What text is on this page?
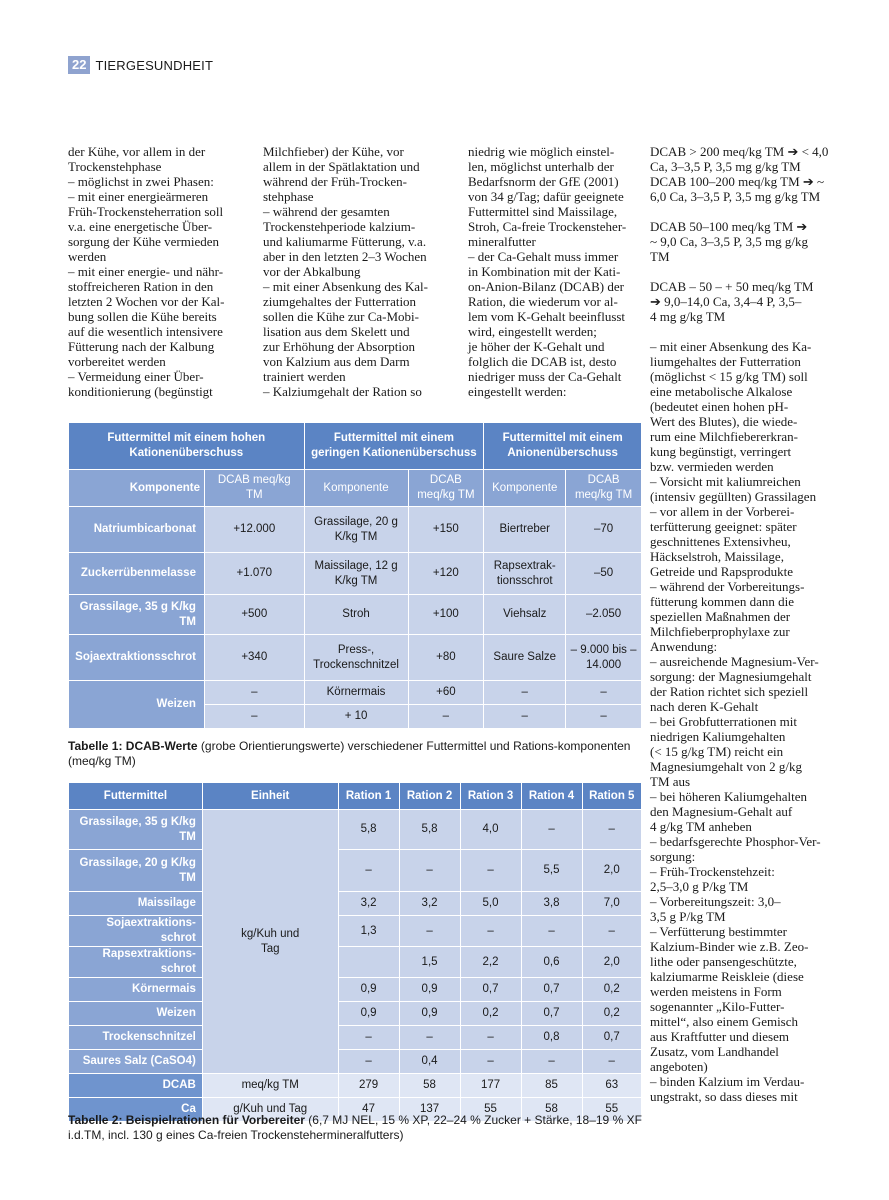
22 TIERGESUNDHEIT
der Kühe, vor allem in der
Trockenstehphase
– möglichst in zwei Phasen:
– mit einer energieärmeren
Früh-Trockensteherration soll
v.a. eine energetische Über-
sorgung der Kühe vermieden
werden
– mit einer energie- und nähr-
stoffreicheren Ration in den
letzten 2 Wochen vor der Kal-
bung sollen die Kühe bereits
auf die wesentlich intensivere
Fütterung nach der Kalbung
vorbereitet werden
– Vermeidung einer Über-
konditionierung (begünstigt
Milchfieber) der Kühe, vor
allem in der Spätlaktation und
während der Früh-Trocken-
stehphase
– während der gesamten
Trockenstehperiode kalzium-
und kaliumarme Fütterung, v.a.
aber in den letzten 2–3 Wochen
vor der Abkalbung
– mit einer Absenkung des Kal-
ziumgehaltes der Futterration
sollen die Kühe zur Ca-Mobi-
lisation aus dem Skelett und
zur Erhöhung der Absorption
von Kalzium aus dem Darm
trainiert werden
– Kalziumgehalt der Ration so
niedrig wie möglich einstel-
len, möglichst unterhalb der
Bedarfsnorm der GfE (2001)
von 34 g/Tag; dafür geeignete
Futtermittel sind Maissilage,
Stroh, Ca-freie Trockensteher-
mineralfutter
– der Ca-Gehalt muss immer
in Kombination mit der Kati-
on-Anion-Bilanz (DCAB) der
Ration, die wiederum vor al-
lem vom K-Gehalt beeinflusst
wird, eingestellt werden;
je höher der K-Gehalt und
folglich die DCAB ist, desto
niedriger muss der Ca-Gehalt
eingestellt werden:
DCAB > 200 meq/kg TM ➔ < 4,0
Ca, 3–3,5 P, 3,5 mg g/kg TM
DCAB 100–200 meq/kg TM ➔ ~
6,0 Ca, 3–3,5 P, 3,5 mg g/kg TM
DCAB 50–100 meq/kg TM ➔
~ 9,0 Ca, 3–3,5 P, 3,5 mg g/kg
TM
DCAB – 50 – + 50 meq/kg TM
➔ 9,0–14,0 Ca, 3,4–4 P, 3,5–
4 mg g/kg TM
– mit einer Absenkung des Ka-
liumgehaltes der Futterration
(möglichst < 15 g/kg TM) soll
eine metabolische Alkalose
(bedeutet einen hohen pH-
Wert des Blutes), die wiede-
rum eine Milchfiebererkran-
kung begünstigt, verringert
bzw. vermieden werden
– Vorsicht mit kaliumreichen
(intensiv gegüllten) Grassilagen
– vor allem in der Vorberei-
terfütterung geeignet: später
geschnittenes Extensivheu,
Häckselstroh, Maissilage,
Getreide und Rapsprodukte
– während der Vorbereitungs-
fütterung kommen dann die
speziellen Maßnahmen der
Milchfieberprophylaxe zur
Anwendung:
– ausreichende Magnesium-Ver-
sorgung: der Magnesiumgehalt
der Ration richtet sich speziell
nach deren K-Gehalt
– bei Grobfutterrationen mit
niedrigen Kaliumgehalten
(< 15 g/kg TM) reicht ein
Magnesiumgehalt von 2 g/kg
TM aus
– bei höheren Kaliumgehalten
den Magnesium-Gehalt auf
4 g/kg TM anheben
– bedarfsgerechte Phosphor-Ver-
sorgung:
– Früh-Trockenstehzeit:
2,5–3,0 g P/kg TM
– Vorbereitungszeit: 3,0–
3,5 g P/kg TM
– Verfütterung bestimmter
Kalzium-Binder wie z.B. Zeo-
lithe oder pansengeschützte,
kalziumarme Reiskleie (diese
werden meistens in Form
sogenannter „Kilo-Futter-
mittel“, also einem Gemisch
aus Kraftfutter und diesem
Zusatz, vom Landhandel
angeboten)
– binden Kalzium im Verdau-
ungstrakt, so dass dieses mit
Futtermittel mit einem hohen Kationenüberschuss		Futtermittel mit einem geringen Kationenüberschuss		Futtermittel mit einem Anionenüberschuss	
Komponente	DCAB meq/kg TM	Komponente	DCAB meq/kg TM	Komponente	DCAB meq/kg TM
Natriumbicarbonat	+12.000	Grassilage, 20 g K/kg TM	+150	Biertreber	–70
Zuckerrübenmelasse	+1.070	Maissilage, 12 g K/kg TM	+120	Rapsextrak-tionsschrot	–50
Grassilage, 35 g K/kg TM	+500	Stroh	+100	Viehsalz	–2.050
Sojaextraktionsschrot	+340	Press-, Trockenschnitzel	+80	Saure Salze	– 9.000 bis –14.000
Weizen	–	Körnermais	+60	–	–
	–	+ 10	–	–	–
Tabelle 1: DCAB-Werte (grobe Orientierungswerte) verschiedener Futtermittel und Rations-komponenten (meq/kg TM)
Futtermittel	Einheit	Ration 1	Ration 2	Ration 3	Ration 4	Ration 5
Grassilage, 35 g K/kg TM	kg/Kuh und Tag	5,8	5,8	4,0	–	–
Grassilage, 20 g K/kg TM		–	–	–	5,5	2,0
Maissilage		3,2	3,2	5,0	3,8	7,0
Sojaextraktions-schrot		1,3	–	–	–	–
Rapsextraktions-schrot			1,5	2,2	0,6	2,0
Körnermais		0,9	0,9	0,7	0,7	0,2
Weizen		0,9	0,9	0,2	0,7	0,2
Trockenschnitzel		–	–	–	0,8	0,7
Saures Salz (CaSO4)		–	0,4	–	–	–
DCAB	meq/kg TM	279	58	177	85	63
Ca	g/Kuh und Tag	47	137	55	58	55
Tabelle 2: Beispielrationen für Vorbereiter (6,7 MJ NEL, 15 % XP, 22–24 % Zucker + Stärke, 18–19 % XF i.d.TM, incl. 130 g eines Ca-freien Trockenstehermineralfutters)
